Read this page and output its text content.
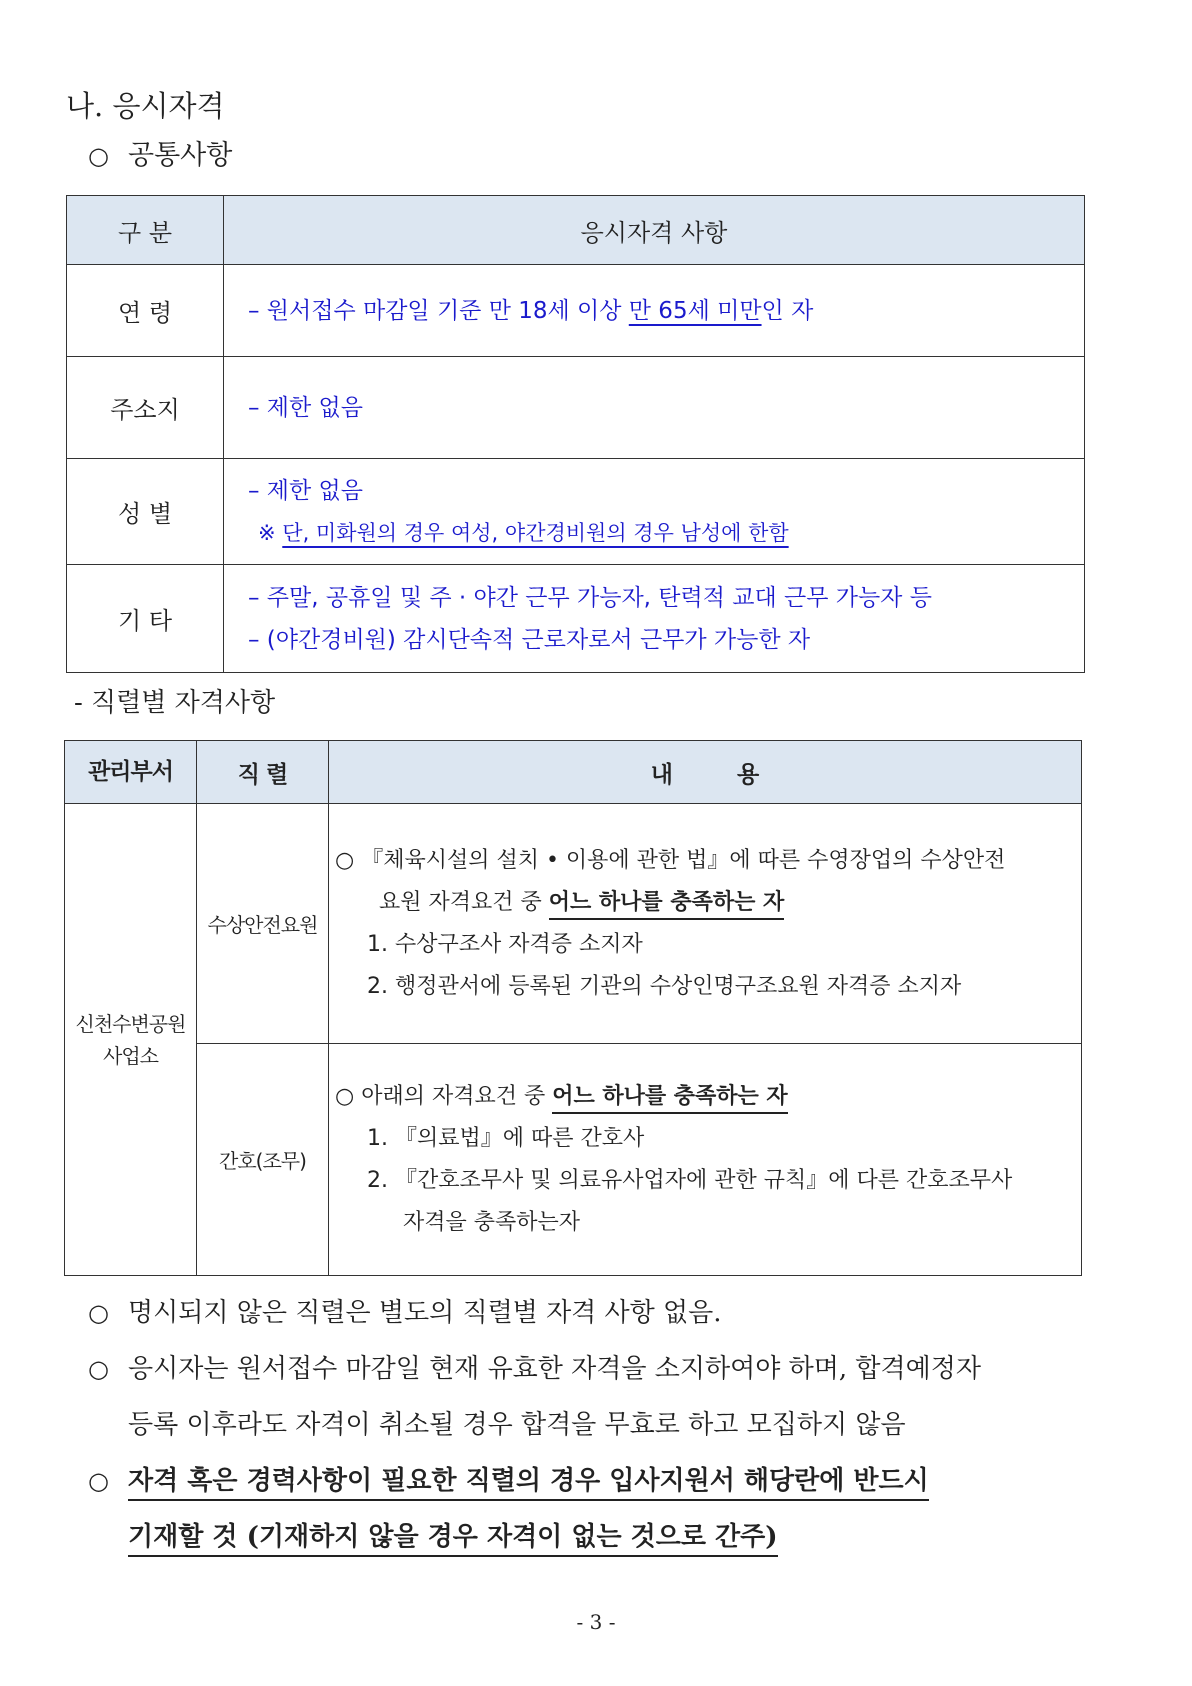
나. 응시자격
○ 공통사항
구 분	응시자격 사항
연 령	– 원서접수 마감일 기준 만 18세 이상 만 65세 미만인 자
주소지	– 제한 없음
성 별	– 제한 없음
※ 단, 미화원의 경우 여성, 야간경비원의 경우 남성에 한함

기 타	– 주말, 공휴일 및 주 · 야간 근무 가능자, 탄력적 교대 근무 가능자 등
– (야간경비원) 감시단속적 근로자로서 근무가 가능한 자
- 직렬별 자격사항
관리부서	직 렬	내        용

신천수변공원 사업소	수상안전요원	○ 『체육시설의 설치 • 이용에 관한 법』에 따른 수영장업의 수상안전
요원 자격요건 중 어느 하나를 충족하는 자
1. 수상구조사 자격증 소지자
2. 행정관서에 등록된 기관의 수상인명구조요원 자격증 소지자

	간호(조무)	○ 아래의 자격요건 중 어느 하나를 충족하는 자
1. 『의료법』에 따른 간호사
2. 『간호조무사 및 의료유사업자에 관한 규칙』에 다른 간호조무사
자격을 충족하는자
○ 명시되지 않은 직렬은 별도의 직렬별 자격 사항 없음.
○ 응시자는 원서접수 마감일 현재 유효한 자격을 소지하여야 하며, 합격예정자
등록 이후라도 자격이 취소될 경우 합격을 무효로 하고 모집하지 않음
○ 자격 혹은 경력사항이 필요한 직렬의 경우 입사지원서 해당란에 반드시
기재할 것 (기재하지 않을 경우 자격이 없는 것으로 간주)
- 3 -
